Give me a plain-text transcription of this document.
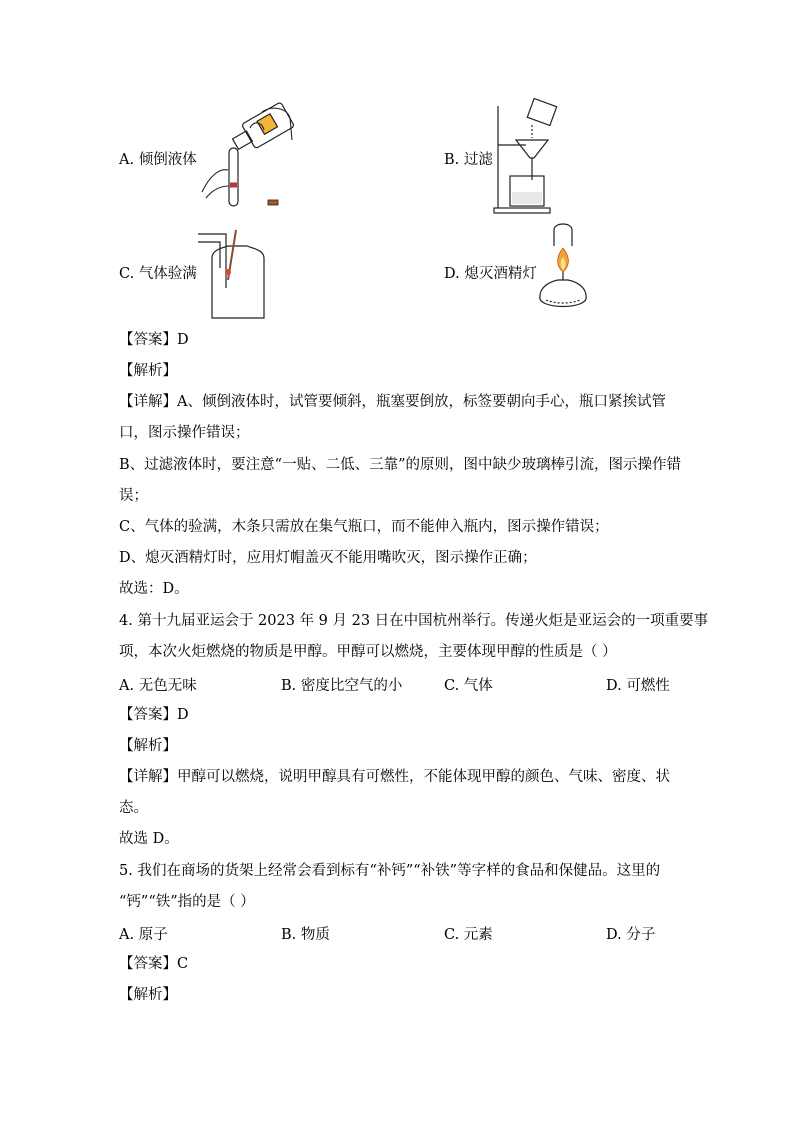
A. 倾倒液体	B. 过滤
C. 气体验满	D. 熄灭酒精灯
【答案】D
【解析】
【详解】A、倾倒液体时，试管要倾斜，瓶塞要倒放，标签要朝向手心，瓶口紧挨试管
口，图示操作错误；
B、过滤液体时，要注意“一贴、二低、三靠”的原则，图中缺少玻璃棒引流，图示操作错
误；
C、气体的验满，木条只需放在集气瓶口，而不能伸入瓶内，图示操作错误；
D、熄灭酒精灯时，应用灯帽盖灭不能用嘴吹灭，图示操作正确；
故选：D。
4. 第十九届亚运会于 2023 年 9 月 23 日在中国杭州举行。传递火炬是亚运会的一项重要事
项，本次火炬燃烧的物质是甲醇。甲醇可以燃烧，主要体现甲醇的性质是（ ）
A. 无色无味	B. 密度比空气的小	C. 气体	D. 可燃性
【答案】D
【解析】
【详解】甲醇可以燃烧，说明甲醇具有可燃性，不能体现甲醇的颜色、气味、密度、状
态。
故选 D。
5. 我们在商场的货架上经常会看到标有“补钙”“补铁”等字样的食品和保健品。这里的
“钙”“铁”指的是（ ）
A. 原子	B. 物质	C. 元素	D. 分子
【答案】C
【解析】
